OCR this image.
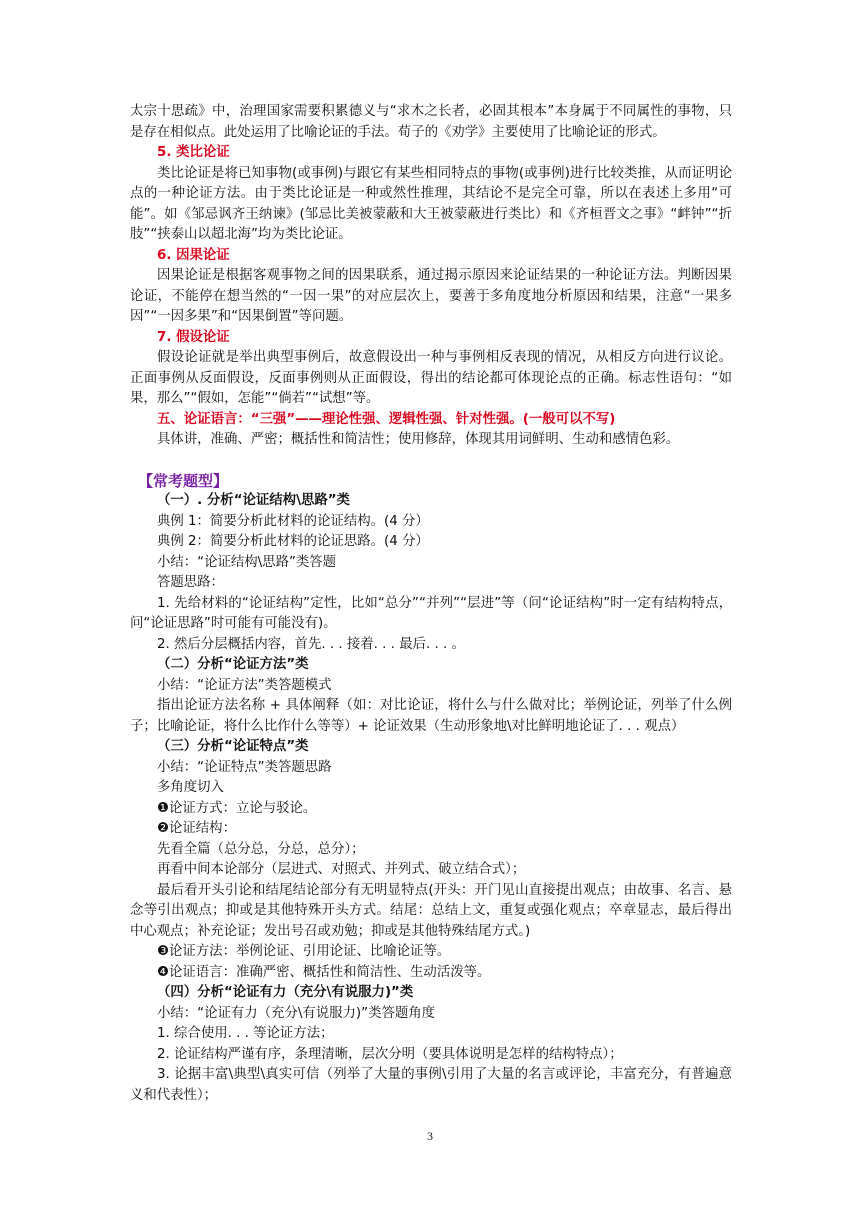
太宗十思疏》中，治理国家需要积累德义与“求木之长者，必固其根本”本身属于不同属性的事物，只是存在相似点。此处运用了比喻论证的手法。荀子的《劝学》主要使用了比喻论证的形式。

5. 类比论证

类比论证是将已知事物(或事例)与跟它有某些相同特点的事物(或事例)进行比较类推，从而证明论点的一种论证方法。由于类比论证是一种或然性推理，其结论不是完全可靠，所以在表述上多用“可能”。如《邹忌讽齐王纳谏》(邹忌比美被蒙蔽和大王被蒙蔽进行类比）和《齐桓晋文之事》“衅钟”“折肢”“挟泰山以超北海”均为类比论证。

6. 因果论证

因果论证是根据客观事物之间的因果联系，通过揭示原因来论证结果的一种论证方法。判断因果论证，不能停在想当然的“一因一果”的对应层次上，要善于多角度地分析原因和结果，注意“一果多因”“一因多果”和“因果倒置”等问题。

7. 假设论证

假设论证就是举出典型事例后，故意假设出一种与事例相反表现的情况，从相反方向进行议论。正面事例从反面假设，反面事例则从正面假设，得出的结论都可体现论点的正确。标志性语句：“如果，那么”“假如，怎能”“倘若”“试想”等。

五、论证语言：“三强”——理论性强、逻辑性强、针对性强。(一般可以不写)

具体讲，准确、严密；概括性和简洁性；使用修辞，体现其用词鲜明、生动和感情色彩。

【常考题型】

（一）. 分析“论证结构\思路”类

典例 1：简要分析此材料的论证结构。(4 分）

典例 2：简要分析此材料的论证思路。(4 分）

小结：“论证结构\思路”类答题

答题思路：

1. 先给材料的“论证结构”定性，比如“总分”“并列”“层进”等（问“论证结构”时一定有结构特点，问“论证思路”时可能有可能没有)。

2. 然后分层概括内容，首先. . . 接着. . . 最后. . . 。

（二）分析“论证方法”类

小结：“论证方法”类答题模式

指出论证方法名称 + 具体阐释（如：对比论证，将什么与什么做对比；举例论证，列举了什么例子；比喻论证，将什么比作什么等等）+ 论证效果（生动形象地\对比鲜明地论证了. . . 观点）

（三）分析“论证特点”类

小结：“论证特点”类答题思路

多角度切入

❶论证方式：立论与驳论。

❷论证结构：

先看全篇（总分总，分总，总分）；

再看中间本论部分（层进式、对照式、并列式、破立结合式）；

最后看开头引论和结尾结论部分有无明显特点(开头：开门见山直接提出观点；由故事、名言、悬念等引出观点；抑或是其他特殊开头方式。结尾：总结上文，重复或强化观点；卒章显志，最后得出中心观点；补充论证；发出号召或劝勉；抑或是其他特殊结尾方式。)

❸论证方法：举例论证、引用论证、比喻论证等。

❹论证语言：准确严密、概括性和简洁性、生动活泼等。

（四）分析“论证有力（充分\有说服力)”类

小结：“论证有力（充分\有说服力)”类答题角度

1. 综合使用. . . 等论证方法；

2. 论证结构严谨有序，条理清晰，层次分明（要具体说明是怎样的结构特点）；

3. 论据丰富\典型\真实可信（列举了大量的事例\引用了大量的名言或评论，丰富充分，有普遍意义和代表性）；

3
